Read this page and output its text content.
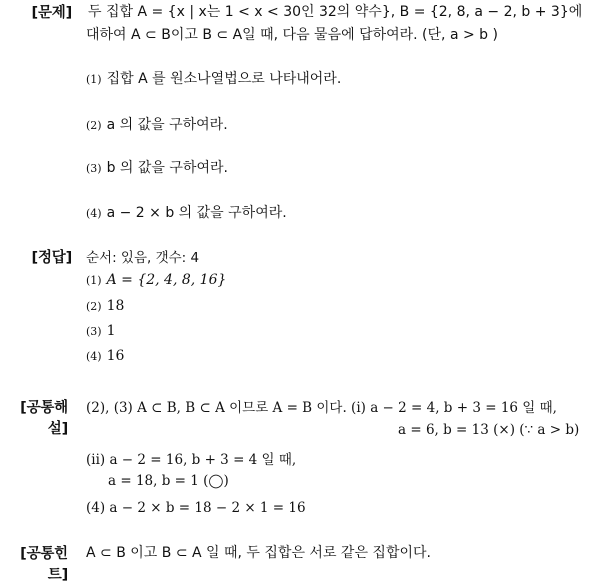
[문제] 두 집합 A = {x | x는 1 < x < 30인 32의 약수}, B = {2, 8, a − 2, b + 3}에
대하여 A ⊂ B이고 B ⊂ A일 때, 다음 물음에 답하여라. (단, a > b )
(1) 집합 A 를 원소나열법으로 나타내어라.
(2) a 의 값을 구하여라.
(3) b 의 값을 구하여라.
(4) a − 2 × b 의 값을 구하여라.
[정답] 순서: 있음, 갯수: 4
(1) A = {2, 4, 8, 16}
(2) 18
(3) 1
(4) 16
[공통해설]
(2), (3) A ⊂ B, B ⊂ A 이므로 A = B 이다. (i) a − 2 = 4, b + 3 = 16 일 때,
a = 6, b = 13 (×) (∵ a > b)
(ii) a − 2 = 16, b + 3 = 4 일 때,
a = 18, b = 1 (◯)
(4) a − 2 × b = 18 − 2 × 1 = 16
[공통힌트]
A ⊂ B 이고 B ⊂ A 일 때, 두 집합은 서로 같은 집합이다.
